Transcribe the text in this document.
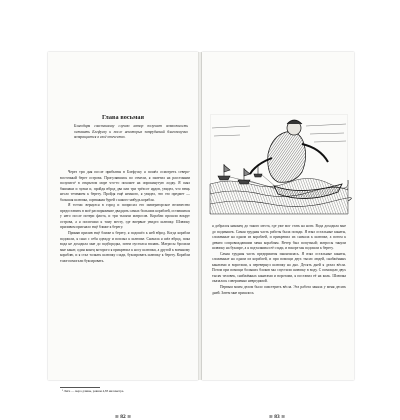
Глава восьмая
Благодаря счастливому случаю автор получает возможность оставить Блефуску и после некоторых затруднений благополучно возвращается в своё отечество.

Через три дня после прибытия в Блефуску я пошёл осмотреть северо-восточный берег острова. Прогулявшись по отмели, я заметил на расстоянии полулиги¹ в открытом море что-то похожее на опрокинутую лодку. Я снял башмаки и чулки и, пройдя вброд два или три трёхсот ярдов, увидел, что вещь несло течением к берегу. Пройдя ещё немного, я увидел, что это предмет — большая шлюпка, сорванная бурей с какого-нибудь корабля.

Я тотчас вернулся в город и попросил его императорское величество предоставить в моё распоряжение двадцать самых больших кораблей, оставшихся у него после потери флота, и три тысячи матросов. Корабли прошли вокруг острова, а я поспешил к тому месту, где впервые увидел шлюпку. Шлюпку приливом пригнало ещё ближе к берегу.

Приняв прилив ещё ближе к берегу, я подошёл к ней вброд. Когда корабли подошли, я снял с себя одежду и поплыл к шлюпке. Сначала я шёл вброд, пока вода не доходила мне до подбородка, затем пустился вплавь. Матросы бросили мне канат, один конец которого я прикрепил к носу шлюпки, а другой к военному кораблю, и я стал толкать шлюпку сзади, буксировать шлюпку к берегу. Корабли тоже помогали буксировать.

¹ Лига — мера длины, равная 4,83 километра.
≋ 82 ≋

я добрался наконец до такого места, где уже мог стать на ноги. Вода доходила мне до подмышек. Самая трудная часть работы была позади. Я взял остальные канаты, сложенные на одном из кораблей, и прикрепил их сначала к шлюпке, а потом к девяти сопровождавшим меня кораблям. Ветер был попутный; матросы тянули шлюпку на буксире, а я подталкивал её сзади, и вскоре мы подошли к берегу.

Самая трудная часть предприятия закончилась. Я взял остальные канаты, сложенные на одном из кораблей, и при помощи двух тысяч людей, снабжённых канатами и воротами, я перевернул шлюпку на дно. Десять дней я делал вёсла. Потом при помощи больших блоков мы спустили шлюпку в воду. С помощью двух тысяч человек, снабжённых канатами и воротами, я поставил её на киль. Шлюпка оказалась совершенно невредимой.

Первым моим делом было смастерить вёсла. Эта работа заняла у меня десять дней. Затем мне пришлось

≋ 83 ≋
